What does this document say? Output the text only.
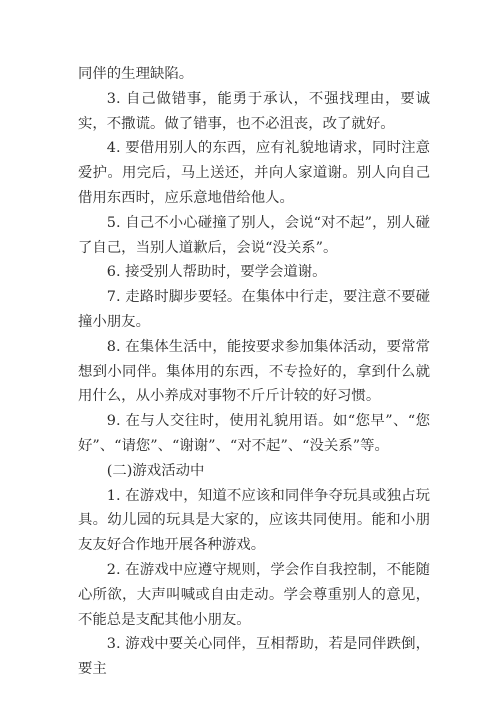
同伴的生理缺陷。

3. 自己做错事，能勇于承认，不强找理由，要诚实，不撒谎。做了错事，也不必沮丧，改了就好。

4. 要借用别人的东西，应有礼貌地请求，同时注意爱护。用完后，马上送还，并向人家道谢。别人向自己借用东西时，应乐意地借给他人。

5. 自己不小心碰撞了别人，会说“对不起”，别人碰了自己，当别人道歉后，会说“没关系”。

6. 接受别人帮助时，要学会道谢。

7. 走路时脚步要轻。在集体中行走，要注意不要碰撞小朋友。

8. 在集体生活中，能按要求参加集体活动，要常常想到小同伴。集体用的东西，不专捡好的，拿到什么就用什么，从小养成对事物不斤斤计较的好习惯。

9. 在与人交往时，使用礼貌用语。如“您早”、“您好”、“请您”、“谢谢”、“对不起”、“没关系”等。

(二)游戏活动中

1. 在游戏中，知道不应该和同伴争夺玩具或独占玩具。幼儿园的玩具是大家的，应该共同使用。能和小朋友友好合作地开展各种游戏。

2. 在游戏中应遵守规则，学会作自我控制，不能随心所欲，大声叫喊或自由走动。学会尊重别人的意见，不能总是支配其他小朋友。

3. 游戏中要关心同伴，互相帮助，若是同伴跌倒，要主
